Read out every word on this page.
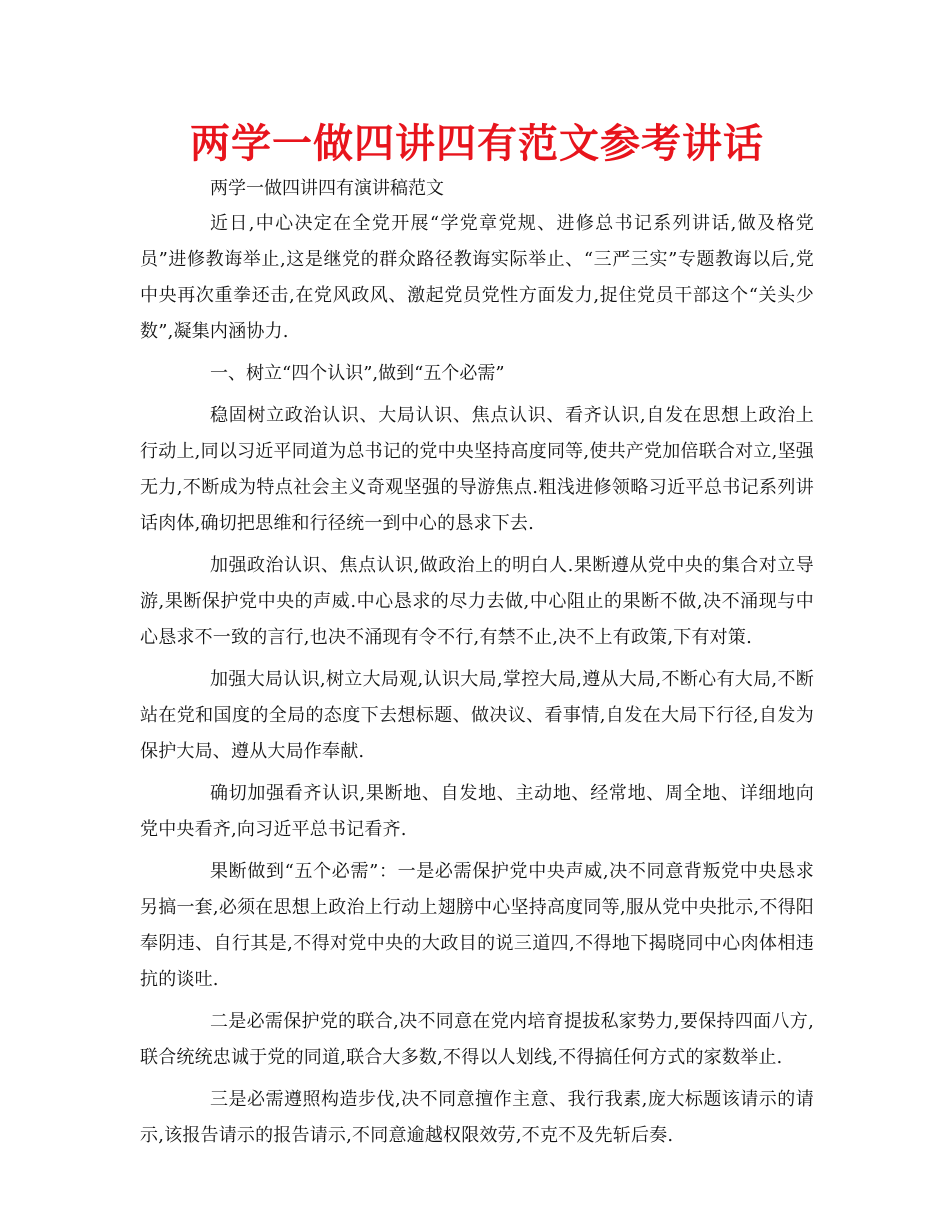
两学一做四讲四有范文参考讲话

两学一做四讲四有演讲稿范文

近日,中心决定在全党开展“学党章党规、进修总书记系列讲话,做及格党员”进修教诲举止,这是继党的群众路径教诲实际举止、“三严三实”专题教诲以后,党中央再次重拳还击,在党风政风、激起党员党性方面发力,捉住党员干部这个“关头少数”,凝集内涵协力.

一、树立“四个认识”,做到“五个必需”

稳固树立政治认识、大局认识、焦点认识、看齐认识,自发在思想上政治上行动上,同以习近平同道为总书记的党中央坚持高度同等,使共产党加倍联合对立,坚强无力,不断成为特点社会主义奇观坚强的导游焦点.粗浅进修领略习近平总书记系列讲话肉体,确切把思维和行径统一到中心的恳求下去.

加强政治认识、焦点认识,做政治上的明白人.果断遵从党中央的集合对立导游,果断保护党中央的声威.中心恳求的尽力去做,中心阻止的果断不做,决不涌现与中心恳求不一致的言行,也决不涌现有令不行,有禁不止,决不上有政策,下有对策.

加强大局认识,树立大局观,认识大局,掌控大局,遵从大局,不断心有大局,不断站在党和国度的全局的态度下去想标题、做决议、看事情,自发在大局下行径,自发为保护大局、遵从大局作奉献.

确切加强看齐认识,果断地、自发地、主动地、经常地、周全地、详细地向党中央看齐,向习近平总书记看齐.

果断做到“五个必需”：一是必需保护党中央声威,决不同意背叛党中央恳求另搞一套,必须在思想上政治上行动上翅膀中心坚持高度同等,服从党中央批示,不得阳奉阴违、自行其是,不得对党中央的大政目的说三道四,不得地下揭晓同中心肉体相违抗的谈吐.

二是必需保护党的联合,决不同意在党内培育提拔私家势力,要保持四面八方,联合统统忠诚于党的同道,联合大多数,不得以人划线,不得搞任何方式的家数举止.

三是必需遵照构造步伐,决不同意擅作主意、我行我素,庞大标题该请示的请示,该报告请示的报告请示,不同意逾越权限效劳,不克不及先斩后奏.
